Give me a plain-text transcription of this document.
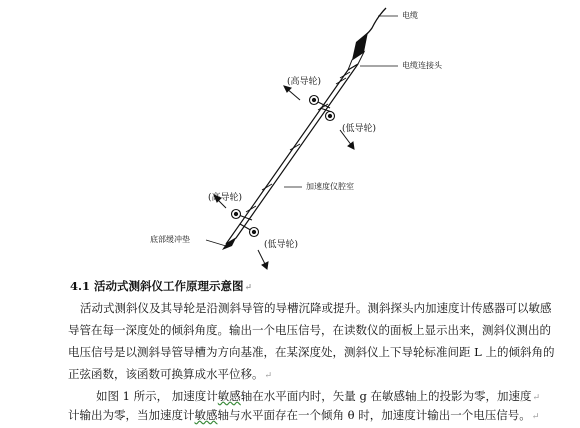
电缆
电缆连接头
(高导轮)
(低导轮)
加速度仪腔室
(高导轮)
底部缓冲垫
(低导轮)
4.1 活动式测斜仪工作原理示意图↵
活动式测斜仪及其导轮是沿测斜导管的导槽沉降或提升。测斜探头内加速度计传感器可以敏感
导管在每一深度处的倾斜角度。输出一个电压信号，在读数仪的面板上显示出来，测斜仪测出的
电压信号是以测斜导管导槽为方向基准，在某深度处，测斜仪上下导轮标准间距 L 上的倾斜角的
正弦函数，该函数可换算成水平位移。↵
如图 1 所示， 加速度计敏感轴在水平面内时，矢量 g 在敏感轴上的投影为零，加速度↵
计输出为零，当加速度计敏感轴与水平面存在一个倾角 θ 时，加速度计输出一个电压信号。↵
